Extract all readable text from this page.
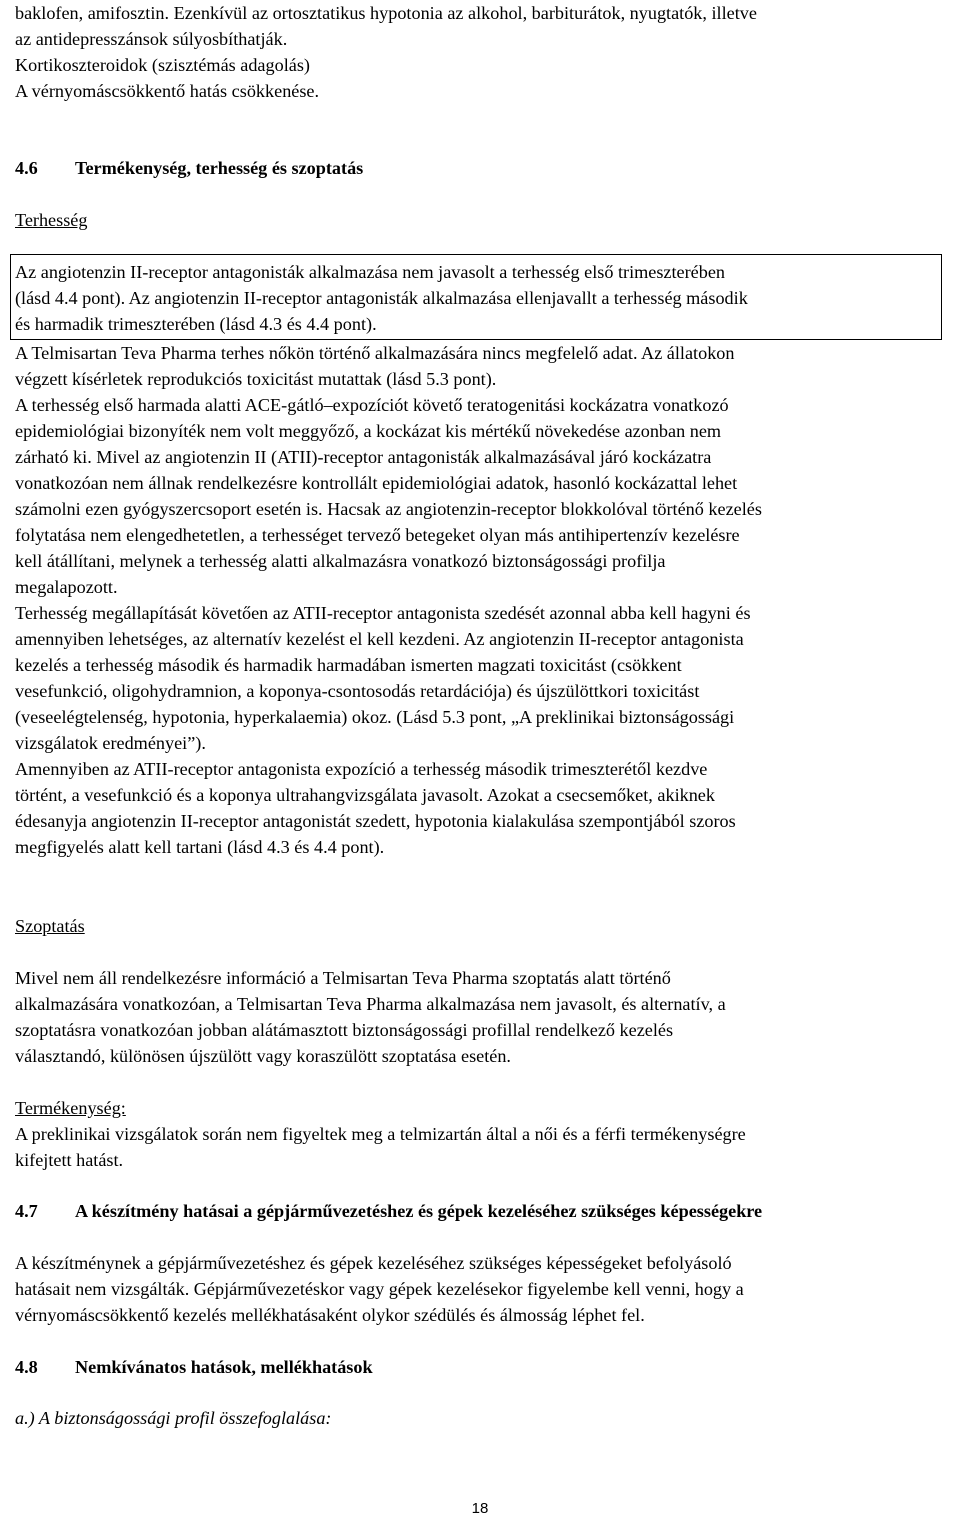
baklofen, amifosztin. Ezenkívül az ortosztatikus hypotonia az alkohol, barbiturátok, nyugtatók, illetve

az antidepresszánsok súlyosbíthatják.

Kortikoszteroidok (szisztémás adagolás)

A vérnyomáscsökkentő hatás csökkenése.

4.6	Termékenység, terhesség és szoptatás

Terhesség

Az angiotenzin II-receptor antagonisták alkalmazása nem javasolt a terhesség első trimeszterében

(lásd 4.4 pont). Az angiotenzin II-receptor antagonisták alkalmazása ellenjavallt a terhesség második

és harmadik trimeszterében (lásd 4.3 és 4.4 pont).

A Telmisartan Teva Pharma terhes nőkön történő alkalmazására nincs megfelelő adat. Az állatokon

végzett kísérletek reprodukciós toxicitást mutattak (lásd 5.3 pont).

A terhesség első harmada alatti ACE-gátló–expozíciót követő teratogenitási kockázatra vonatkozó

epidemiológiai bizonyíték nem volt meggyőző, a kockázat kis mértékű növekedése azonban nem

zárható ki. Mivel az angiotenzin II (ATII)-receptor antagonisták alkalmazásával járó kockázatra

vonatkozóan nem állnak rendelkezésre kontrollált epidemiológiai adatok, hasonló kockázattal lehet

számolni ezen gyógyszercsoport esetén is. Hacsak az angiotenzin-receptor blokkolóval történő kezelés

folytatása nem elengedhetetlen, a terhességet tervező betegeket olyan más antihipertenzív kezelésre

kell átállítani, melynek a terhesség alatti alkalmazásra vonatkozó biztonságossági profilja

megalapozott.

Terhesség megállapítását követően az ATII-receptor antagonista szedését azonnal abba kell hagyni és

amennyiben lehetséges, az alternatív kezelést el kell kezdeni. Az angiotenzin II-receptor antagonista

kezelés a terhesség második és harmadik harmadában ismerten magzati toxicitást (csökkent

vesefunkció, oligohydramnion, a koponya-csontosodás retardációja) és újszülöttkori toxicitást

(veseelégtelenség, hypotonia, hyperkalaemia) okoz. (Lásd 5.3 pont, „A preklinikai biztonságossági

vizsgálatok eredményei”).

Amennyiben az ATII-receptor antagonista expozíció a terhesség második trimeszterétől kezdve

történt, a vesefunkció és a koponya ultrahangvizsgálata javasolt. Azokat a csecsemőket, akiknek

édesanyja angiotenzin II-receptor antagonistát szedett, hypotonia kialakulása szempontjából szoros

megfigyelés alatt kell tartani (lásd 4.3 és 4.4 pont).

Szoptatás

Mivel nem áll rendelkezésre információ a Telmisartan Teva Pharma szoptatás alatt történő

alkalmazására vonatkozóan, a Telmisartan Teva Pharma alkalmazása nem javasolt, és alternatív, a

szoptatásra vonatkozóan jobban alátámasztott biztonságossági profillal rendelkező kezelés

választandó, különösen újszülött vagy koraszülött szoptatása esetén.

Termékenység:

A preklinikai vizsgálatok során nem figyeltek meg a telmizartán által a női és a férfi termékenységre

kifejtett hatást.

4.7	A készítmény hatásai a gépjárművezetéshez és gépek kezeléséhez szükséges képességekre

A készítménynek a gépjárművezetéshez és gépek kezeléséhez szükséges képességeket befolyásoló

hatásait nem vizsgálták. Gépjárművezetéskor vagy gépek kezelésekor figyelembe kell venni, hogy a

vérnyomáscsökkentő kezelés mellékhatásaként olykor szédülés és álmosság léphet fel.

4.8	Nemkívánatos hatások, mellékhatások

a.) A biztonságossági profil összefoglalása:

18
